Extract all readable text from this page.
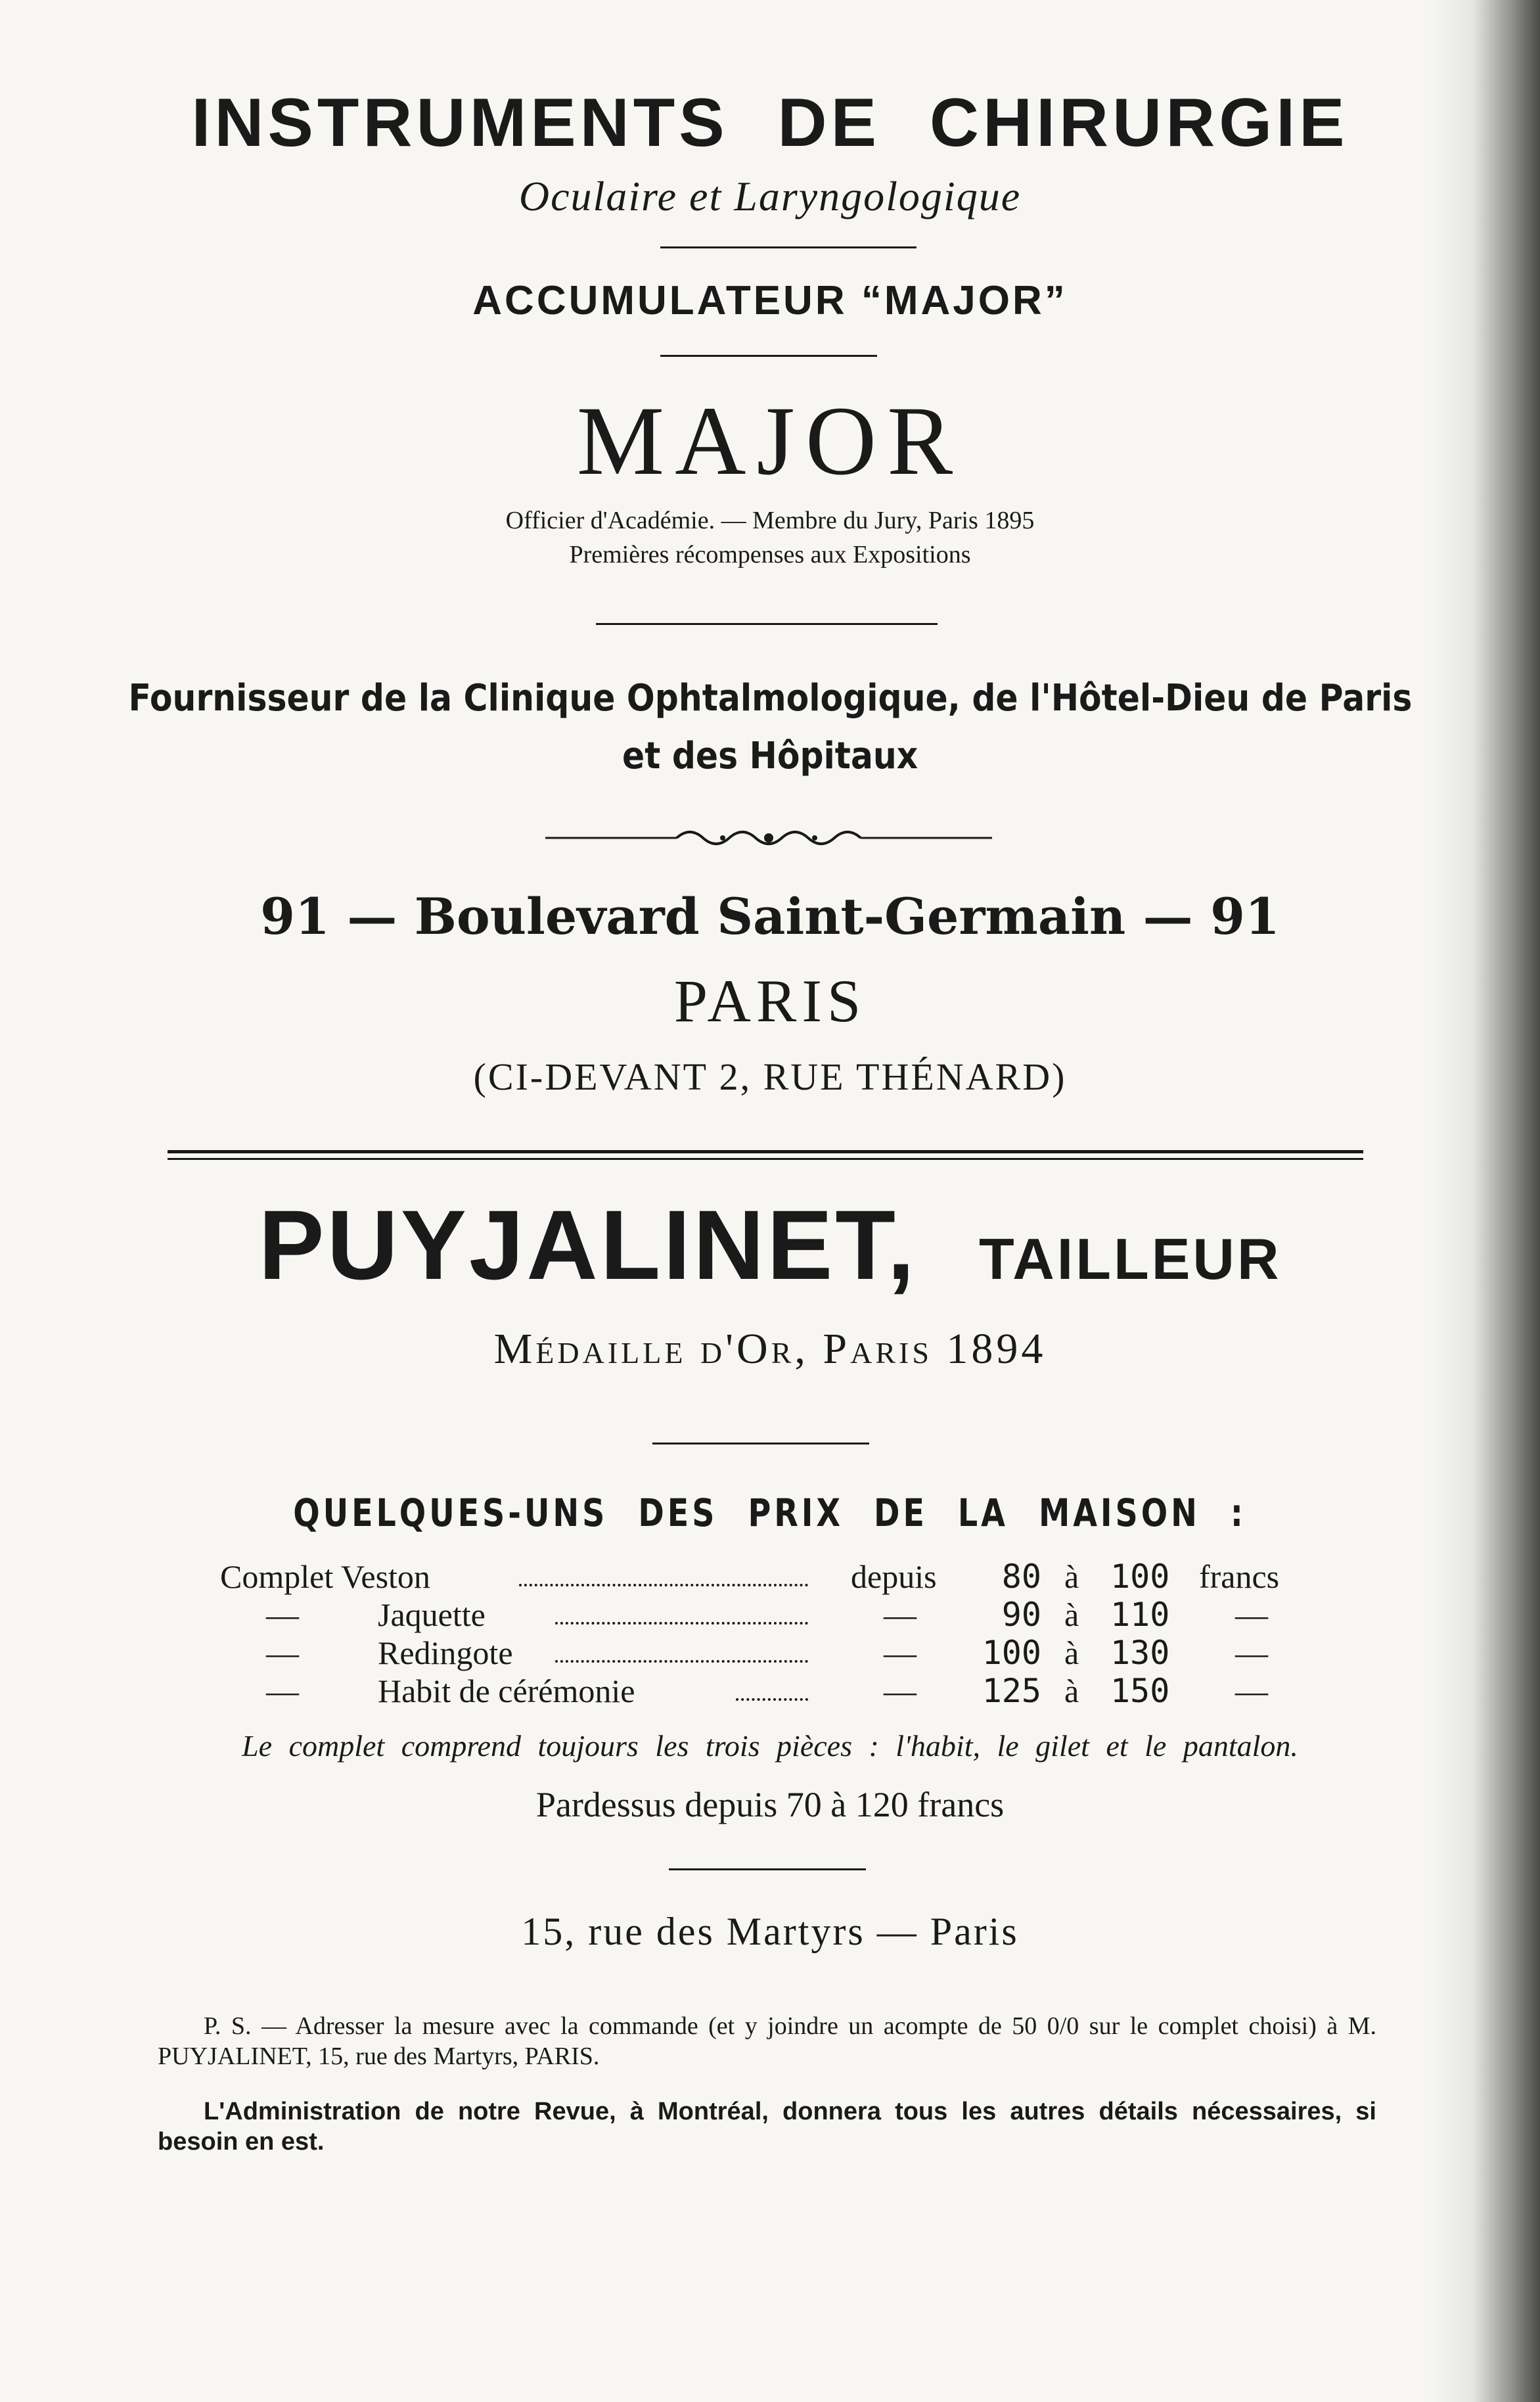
INSTRUMENTS DE CHIRURGIE
Oculaire et Laryngologique
ACCUMULATEUR “MAJOR”
MAJOR
Officier d'Académie. — Membre du Jury, Paris 1895
Premières récompenses aux Expositions
Fournisseur de la Clinique Ophtalmologique, de l'Hôtel-Dieu de Paris
et des Hôpitaux
91 — Boulevard Saint-Germain — 91
PARIS
(CI-DEVANT 2, RUE THÉNARD)
PUYJALINET, TAILLEUR
Médaille d'Or, Paris 1894
QUELQUES-UNS DES PRIX DE LA MAISON :
Complet Veston	depuis 80 à 100 francs
— Jaquette	—	90 à 110 —
— Redingote	— 100 à 130 —
— Habit de cérémonie	— 125 à 150 —
Le complet comprend toujours les trois pièces : l'habit, le gilet et le pantalon.
Pardessus depuis 70 à 120 francs
15, rue des Martyrs — Paris
P. S. — Adresser la mesure avec la commande (et y joindre un acompte de 50 0/0 sur le complet choisi) à M. PUYJALINET, 15, rue des Martyrs, PARIS.
L'Administration de notre Revue, à Montréal, donnera tous les autres détails nécessaires, si besoin en est.
